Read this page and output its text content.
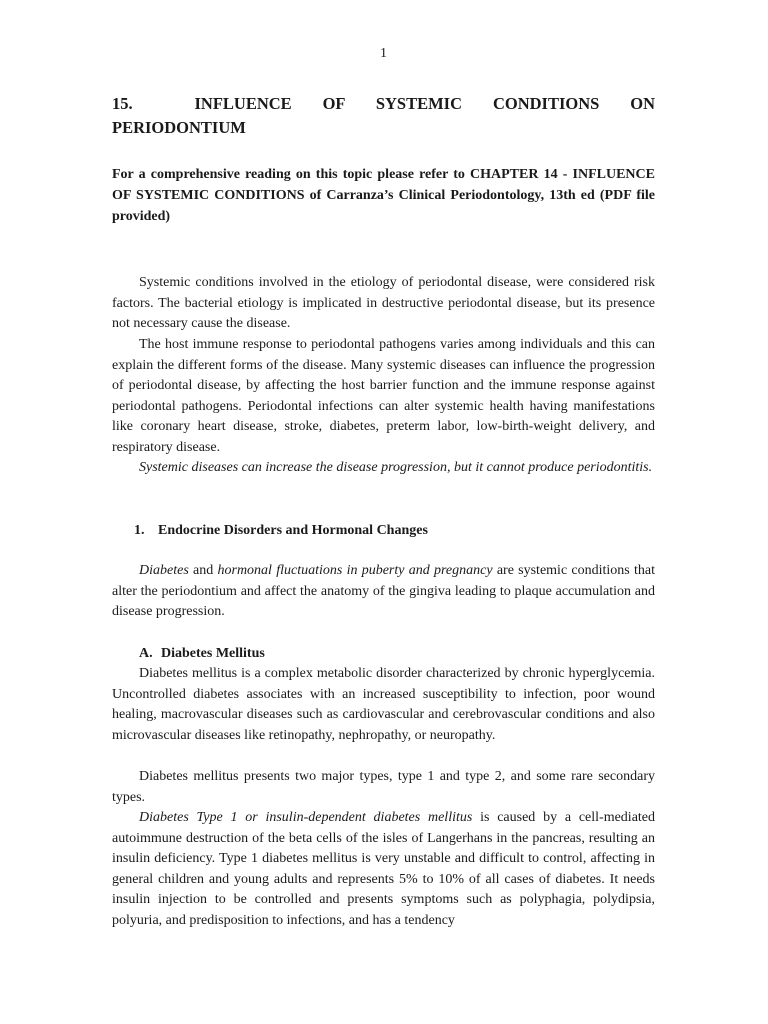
1
15.  INFLUENCE OF SYSTEMIC CONDITIONS ON
PERIODONTIUM

For a comprehensive reading on this topic please refer to CHAPTER 14 - INFLUENCE OF SYSTEMIC CONDITIONS of Carranza’s Clinical Periodontology, 13th ed (PDF file provided)

Systemic conditions involved in the etiology of periodontal disease, were considered risk factors. The bacterial etiology is implicated in destructive periodontal disease, but its presence not necessary cause the disease.

The host immune response to periodontal pathogens varies among individuals and this can explain the different forms of the disease. Many systemic diseases can influence the progression of periodontal disease, by affecting the host barrier function and the immune response against periodontal pathogens. Periodontal infections can alter systemic health having manifestations like coronary heart disease, stroke, diabetes, preterm labor, low-birth-weight delivery, and respiratory disease.

Systemic diseases can increase the disease progression, but it cannot produce periodontitis.

1. Endocrine Disorders and Hormonal Changes

Diabetes and hormonal fluctuations in puberty and pregnancy are systemic conditions that alter the periodontium and affect the anatomy of the gingiva leading to plaque accumulation and disease progression.

A. Diabetes Mellitus

Diabetes mellitus is a complex metabolic disorder characterized by chronic hyperglycemia. Uncontrolled diabetes associates with an increased susceptibility to infection, poor wound healing, macrovascular diseases such as cardiovascular and cerebrovascular conditions and also microvascular diseases like retinopathy, nephropathy, or neuropathy.

Diabetes mellitus presents two major types, type 1 and type 2, and some rare secondary types.

Diabetes Type 1 or insulin-dependent diabetes mellitus is caused by a cell-mediated autoimmune destruction of the beta cells of the isles of Langerhans in the pancreas, resulting an insulin deficiency. Type 1 diabetes mellitus is very unstable and difficult to control, affecting in general children and young adults and represents 5% to 10% of all cases of diabetes. It needs insulin injection to be controlled and presents symptoms such as polyphagia, polydipsia, polyuria, and predisposition to infections, and has a tendency
